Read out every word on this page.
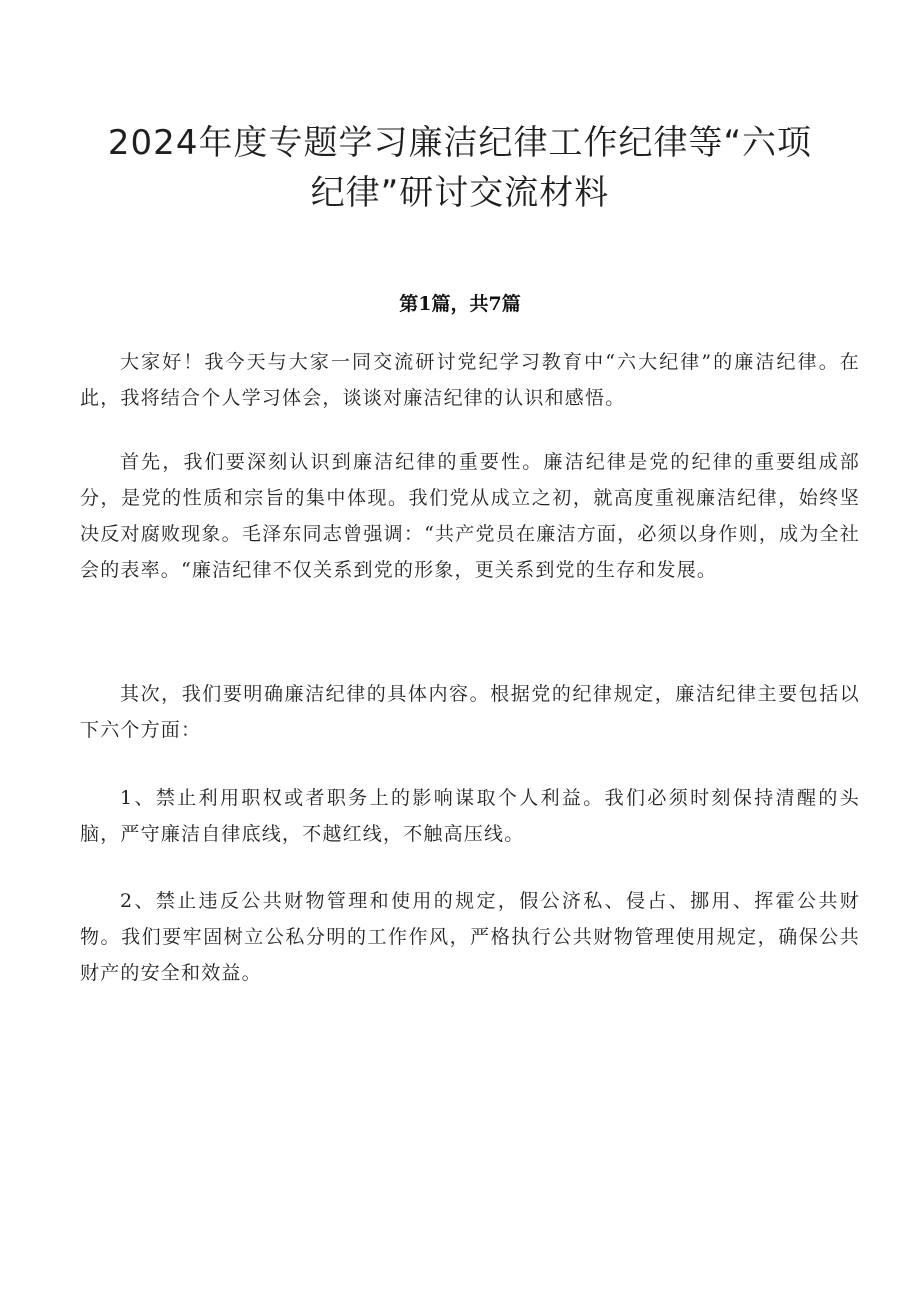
2024年度专题学习廉洁纪律工作纪律等“六项纪律”研讨交流材料
第1篇，共7篇

大家好！我今天与大家一同交流研讨党纪学习教育中“六大纪律”的廉洁纪律。在此，我将结合个人学习体会，谈谈对廉洁纪律的认识和感悟。

首先，我们要深刻认识到廉洁纪律的重要性。廉洁纪律是党的纪律的重要组成部分，是党的性质和宗旨的集中体现。我们党从成立之初，就高度重视廉洁纪律，始终坚决反对腐败现象。毛泽东同志曾强调：“共产党员在廉洁方面，必须以身作则，成为全社会的表率。“廉洁纪律不仅关系到党的形象，更关系到党的生存和发展。

其次，我们要明确廉洁纪律的具体内容。根据党的纪律规定，廉洁纪律主要包括以下六个方面：

1、禁止利用职权或者职务上的影响谋取个人利益。我们必须时刻保持清醒的头脑，严守廉洁自律底线，不越红线，不触高压线。

2、禁止违反公共财物管理和使用的规定，假公济私、侵占、挪用、挥霍公共财物。我们要牢固树立公私分明的工作作风，严格执行公共财物管理使用规定，确保公共财产的安全和效益。
